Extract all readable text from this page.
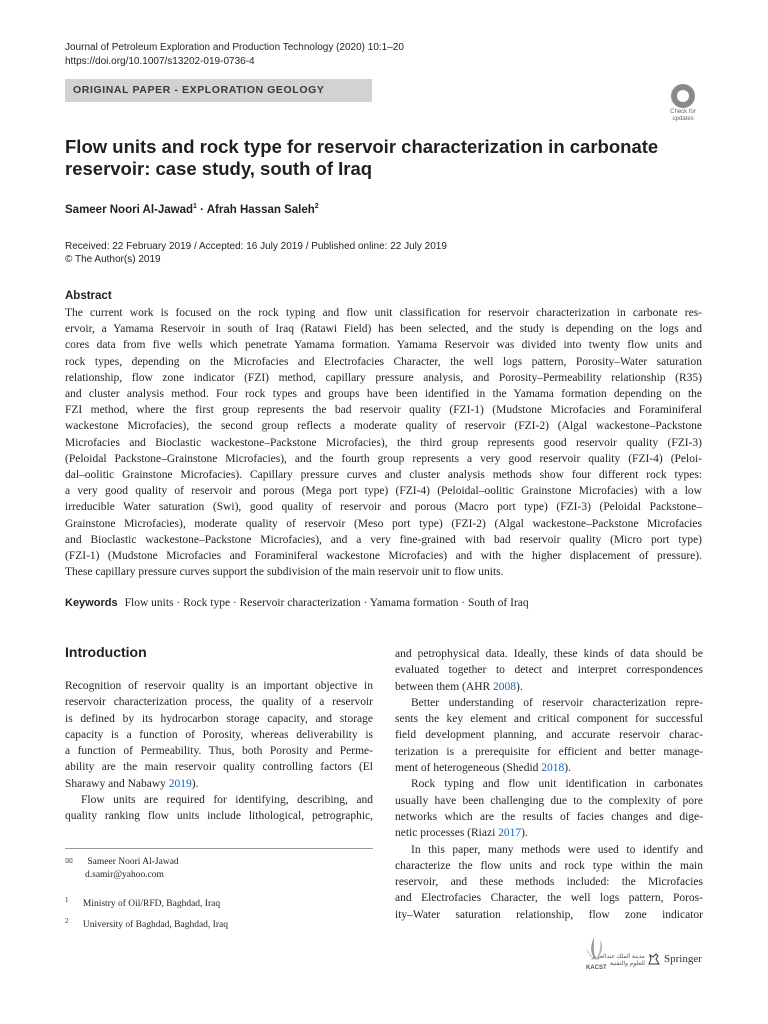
Journal of Petroleum Exploration and Production Technology (2020) 10:1–20
https://doi.org/10.1007/s13202-019-0736-4
ORIGINAL PAPER - EXPLORATION GEOLOGY
Check for
updates
Flow units and rock type for reservoir characterization in carbonate
reservoir: case study, south of Iraq
Sameer Noori Al-Jawad$^1$ · Afrah Hassan Saleh$^2$
Received: 22 February 2019 / Accepted: 16 July 2019 / Published online: 22 July 2019
© The Author(s) 2019
Abstract
The current work is focused on the rock typing and flow unit classification for reservoir characterization in carbonate res-
ervoir, a Yamama Reservoir in south of Iraq (Ratawi Field) has been selected, and the study is depending on the logs and
cores data from five wells which penetrate Yamama formation. Yamama Reservoir was divided into twenty flow units and
rock types, depending on the Microfacies and Electrofacies Character, the well logs pattern, Porosity–Water saturation
relationship, flow zone indicator (FZI) method, capillary pressure analysis, and Porosity–Permeability relationship (R35)
and cluster analysis method. Four rock types and groups have been identified in the Yamama formation depending on the
FZI method, where the first group represents the bad reservoir quality (FZI-1) (Mudstone Microfacies and Foraminiferal
wackestone Microfacies), the second group reflects a moderate quality of reservoir (FZI-2) (Algal wackestone–Packstone
Microfacies and Bioclastic wackestone–Packstone Microfacies), the third group represents good reservoir quality (FZI-3)
(Peloidal Packstone–Grainstone Microfacies), and the fourth group represents a very good reservoir quality (FZI-4) (Peloi-
dal–oolitic Grainstone Microfacies). Capillary pressure curves and cluster analysis methods show four different rock types:
a very good quality of reservoir and porous (Mega port type) (FZI-4) (Peloidal–oolitic Grainstone Microfacies) with a low
irreducible Water saturation (Swi), good quality of reservoir and porous (Macro port type) (FZI-3) (Peloidal Packstone–
Grainstone Microfacies), moderate quality of reservoir (Meso port type) (FZI-2) (Algal wackestone–Packstone Microfacies
and Bioclastic wackestone–Packstone Microfacies), and a very fine-grained with bad reservoir quality (Micro port type)
(FZI-1) (Mudstone Microfacies and Foraminiferal wackestone Microfacies) and with the higher displacement of pressure).
These capillary pressure curves support the subdivision of the main reservoir unit to flow units.
Keywords Flow units · Rock type · Reservoir characterization · Yamama formation · South of Iraq
Introduction

Recognition of reservoir quality is an important objective in
reservoir characterization process, the quality of a reservoir
is defined by its hydrocarbon storage capacity, and storage
capacity is a function of Porosity, whereas deliverability is
a function of Permeability. Thus, both Porosity and Perme-
ability are the main reservoir quality controlling factors (El
Sharawy and Nabawy 2019).

Flow units are required for identifying, describing, and
quality ranking flow units include lithological, petrographic,

and petrophysical data. Ideally, these kinds of data should be
evaluated together to detect and interpret correspondences
between them (AHR 2008).

Better understanding of reservoir characterization repre-
sents the key element and critical component for successful
field development planning, and accurate reservoir charac-
terization is a prerequisite for efficient and better manage-
ment of heterogeneous (Shedid 2018).

Rock typing and flow unit identification in carbonates
usually have been challenging due to the complexity of pore
networks which are the results of facies changes and dige-
netic processes (Riazi 2017).

In this paper, many methods were used to identify and
characterize the flow units and rock type within the main
reservoir, and these methods included: the Microfacies
and Electrofacies Character, the well logs pattern, Poros-
ity–Water saturation relationship, flow zone indicator

✉ Sameer Noori Al-Jawad
d.samir@yahoo.com
$^1$ Ministry of Oil/RFD, Baghdad, Iraq
$^2$ University of Baghdad, Baghdad, Iraq
مدينة الملك عبدالعزيز للعلوم والتقنية
KACST
Springer
